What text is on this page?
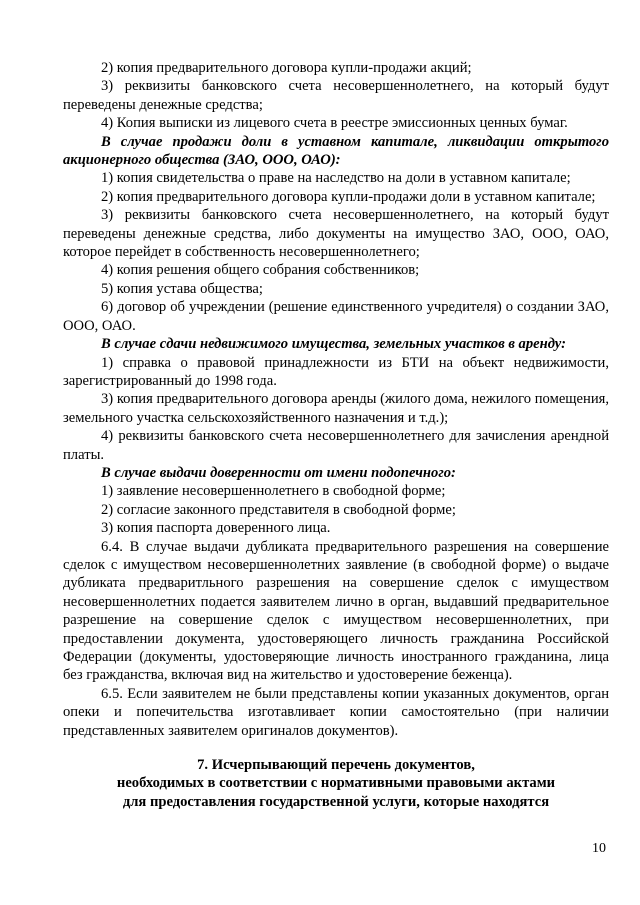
2) копия предварительного договора купли-продажи акций;

3) реквизиты банковского счета несовершеннолетнего, на который будут переведены денежные средства;

4) Копия выписки из лицевого счета в реестре эмиссионных ценных бумаг.

В случае продажи доли в уставном капитале, ликвидации открытого акционерного общества (ЗАО, ООО, ОАО):

1) копия свидетельства о праве на наследство на доли в уставном капитале;

2) копия предварительного договора купли-продажи доли в уставном капитале;

3) реквизиты банковского счета несовершеннолетнего, на который будут переведены денежные средства, либо документы на имущество ЗАО, ООО, ОАО, которое перейдет в собственность несовершеннолетнего;

4) копия решения общего собрания собственников;

5) копия устава общества;

6) договор об учреждении (решение единственного учредителя) о создании ЗАО, ООО, ОАО.

В случае сдачи недвижимого имущества, земельных участков в аренду:

1) справка о правовой принадлежности из БТИ на объект недвижимости, зарегистрированный до 1998 года.

3) копия предварительного договора аренды (жилого дома, нежилого помещения, земельного участка сельскохозяйственного назначения и т.д.);

4) реквизиты банковского счета несовершеннолетнего для зачисления арендной платы.

В случае выдачи доверенности от имени подопечного:

1) заявление несовершеннолетнего в свободной форме;

2) согласие законного представителя в свободной форме;

3) копия паспорта доверенного лица.

6.4. В случае выдачи дубликата предварительного разрешения на совершение сделок с имуществом несовершеннолетних заявление (в свободной форме) о выдаче дубликата предваритльного разрешения на совершение сделок с имуществом несовершеннолетних подается заявителем лично в орган, выдавший предварительное разрешение на совершение сделок с имуществом несовершеннолетних, при предоставлении документа, удостоверяющего личность гражданина Российской Федерации (документы, удостоверяющие личность иностранного гражданина, лица без гражданства, включая вид на жительство и удостоверение беженца).

6.5. Если заявителем не были представлены копии указанных документов, орган опеки и попечительства изготавливает копии самостоятельно (при наличии представленных заявителем оригиналов документов).

7. Исчерпывающий перечень документов,

необходимых в соответствии с нормативными правовыми актами

для предоставления государственной услуги, которые находятся

10
